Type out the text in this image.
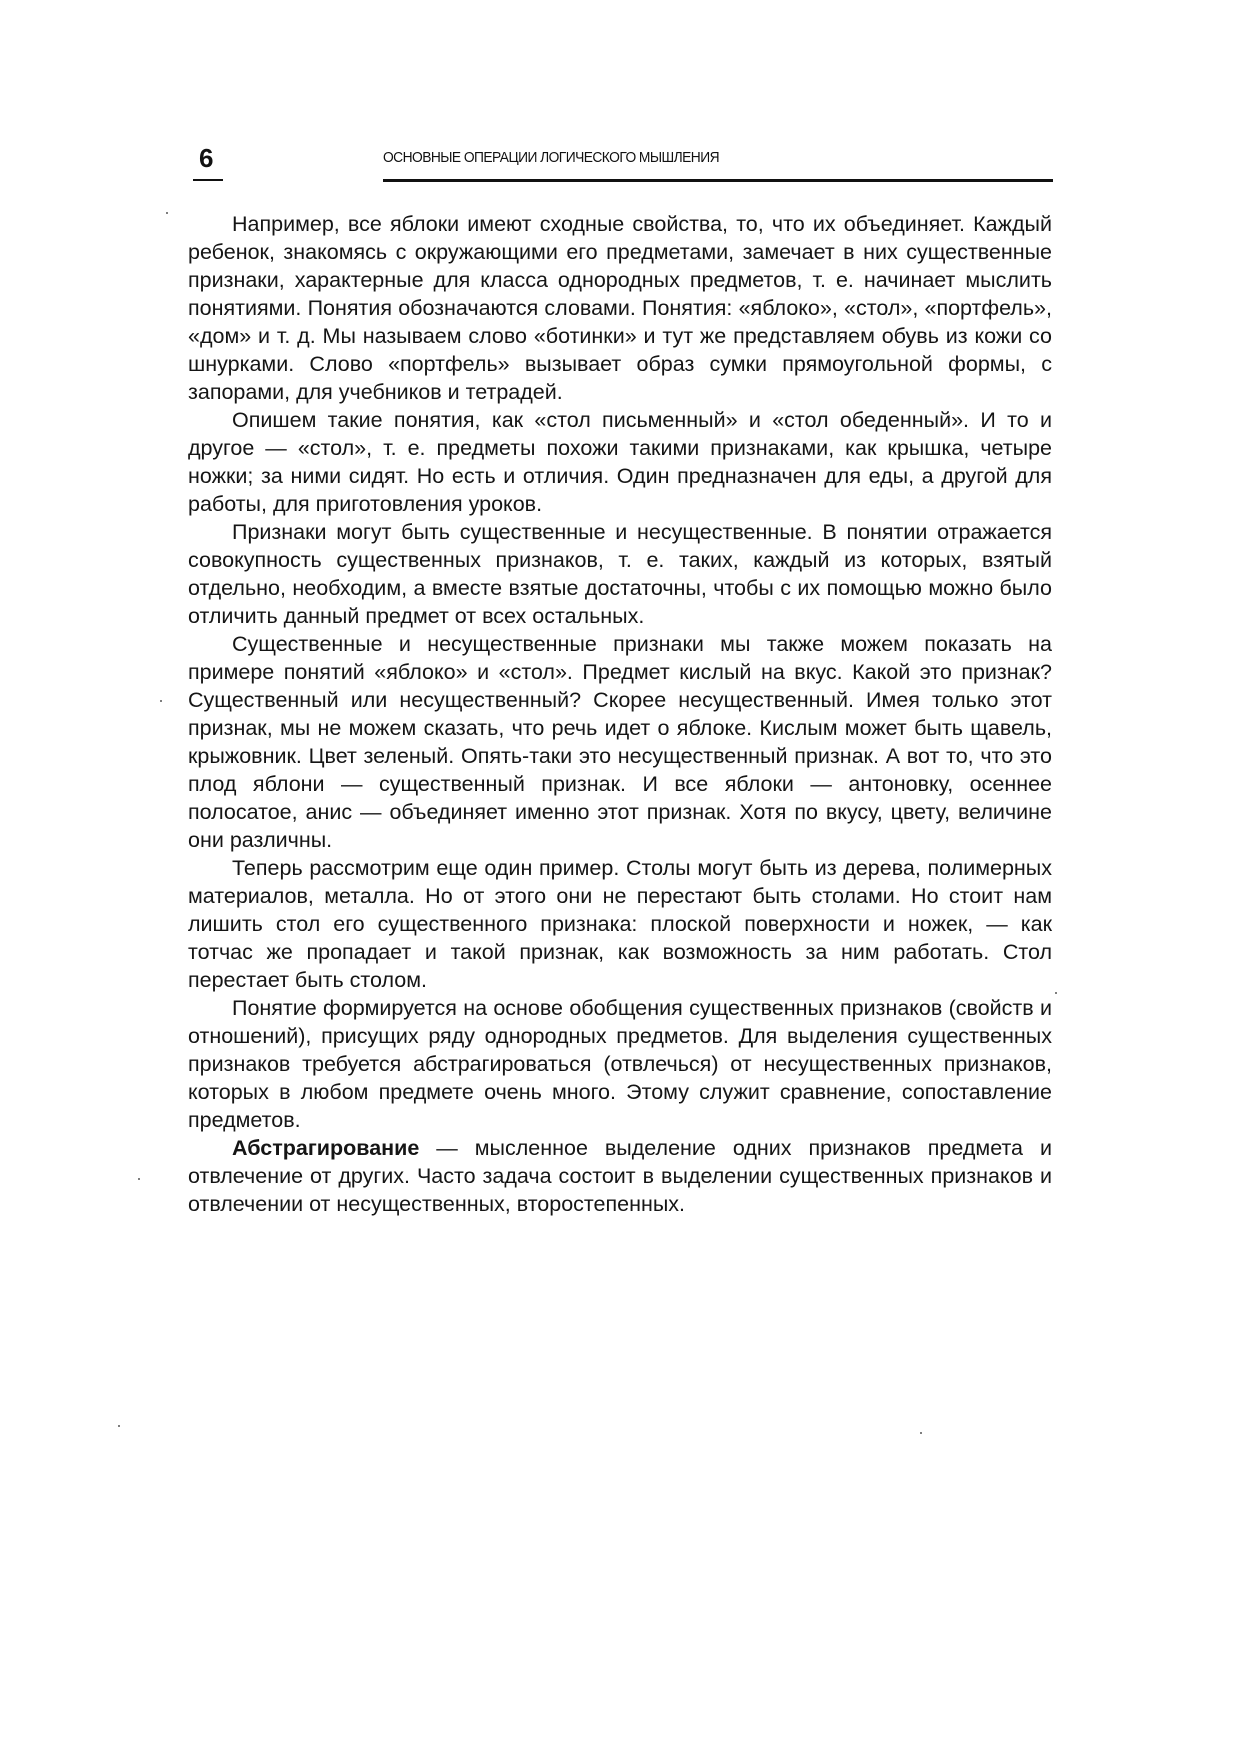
6	ОСНОВНЫЕ ОПЕРАЦИИ ЛОГИЧЕСКОГО МЫШЛЕНИЯ

Например, все яблоки имеют сходные свойства, то, что их объединяет. Каждый ребенок, знакомясь с окружающими его предметами, замечает в них существенные признаки, характерные для класса однородных предметов, т. е. начинает мыслить понятиями. Понятия обозначаются словами. Понятия: «яблоко», «стол», «портфель», «дом» и т. д. Мы называем слово «ботинки» и тут же представляем обувь из кожи со шнурками. Слово «портфель» вызывает образ сумки прямоугольной формы, с запорами, для учебников и тетрадей.

Опишем такие понятия, как «стол письменный» и «стол обеденный». И то и другое — «стол», т. е. предметы похожи такими признаками, как крышка, четыре ножки; за ними сидят. Но есть и отличия. Один предназначен для еды, а другой для работы, для приготовления уроков.

Признаки могут быть существенные и несущественные. В понятии отражается совокупность существенных признаков, т. е. таких, каждый из которых, взятый отдельно, необходим, а вместе взятые достаточны, чтобы с их помощью можно было отличить данный предмет от всех остальных.

Существенные и несущественные признаки мы также можем показать на примере понятий «яблоко» и «стол». Предмет кислый на вкус. Какой это признак? Существенный или несущественный? Скорее несущественный. Имея только этот признак, мы не можем сказать, что речь идет о яблоке. Кислым может быть щавель, крыжовник. Цвет зеленый. Опять-таки это несущественный признак. А вот то, что это плод яблони — существенный признак. И все яблоки — антоновку, осеннее полосатое, анис — объединяет именно этот признак. Хотя по вкусу, цвету, величине они различны.

Теперь рассмотрим еще один пример. Столы могут быть из дерева, полимерных материалов, металла. Но от этого они не перестают быть столами. Но стоит нам лишить стол его существенного признака: плоской поверхности и ножек, — как тотчас же пропадает и такой признак, как возможность за ним работать. Стол перестает быть столом.

Понятие формируется на основе обобщения существенных признаков (свойств и отношений), присущих ряду однородных предметов. Для выделения существенных признаков требуется абстрагироваться (отвлечься) от несущественных признаков, которых в любом предмете очень много. Этому служит сравнение, сопоставление предметов.

Абстрагирование — мысленное выделение одних признаков предмета и отвлечение от других. Часто задача состоит в выделении существенных признаков и отвлечении от несущественных, второстепенных.
